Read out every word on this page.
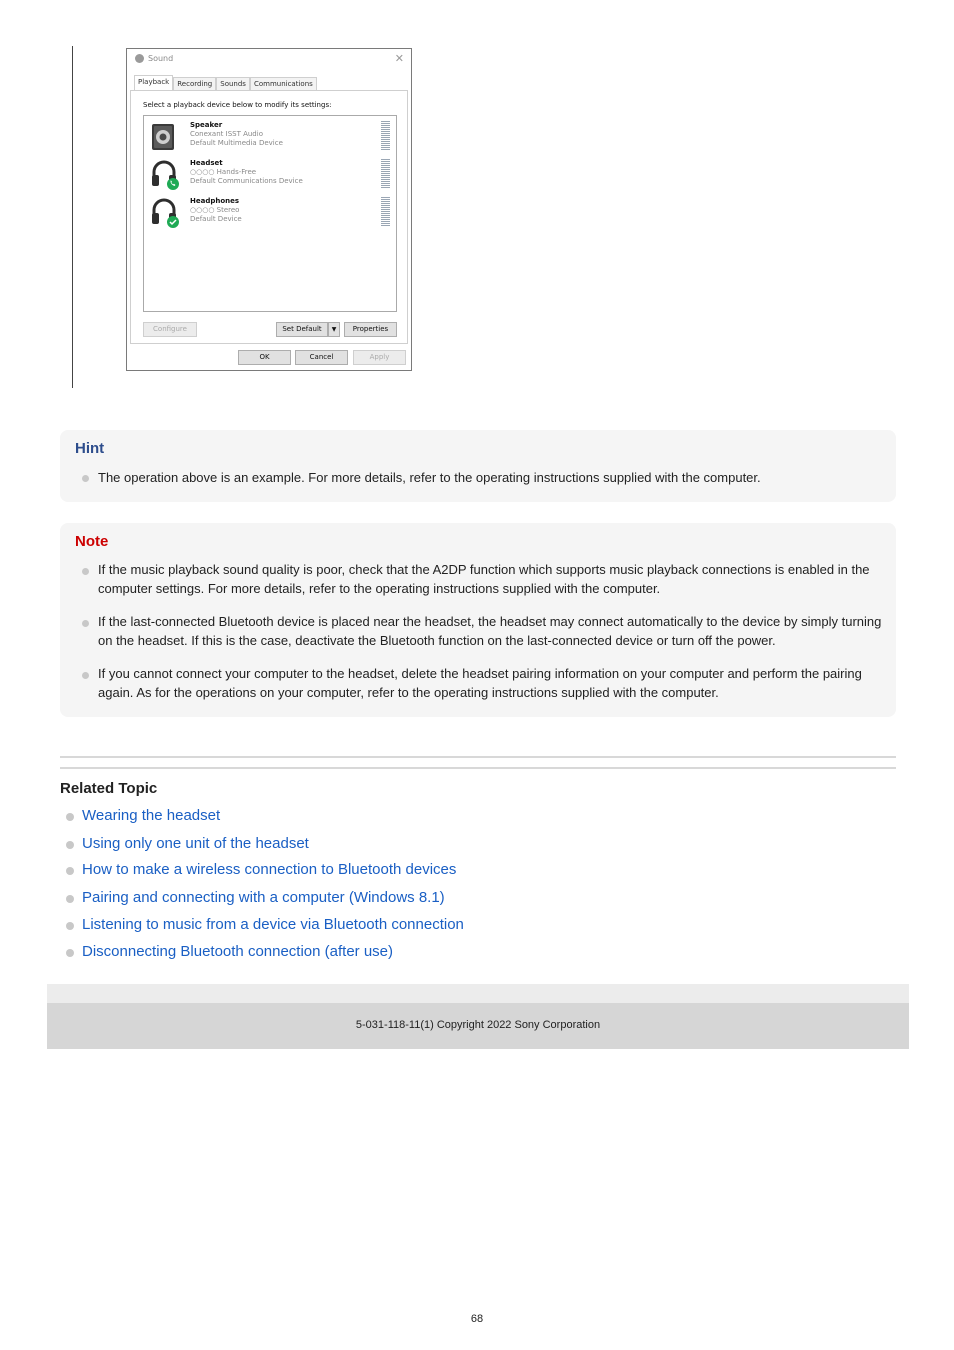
Sound	✕
Playback	Recording	Sounds	Communications
Select a playback device below to modify its settings:
Speaker
Conexant ISST Audio
Default Multimedia Device
Headset
○○○○ Hands-Free
Default Communications Device
Headphones
○○○○ Stereo
Default Device
Configure	Set Default	▼	Properties
OK	Cancel	Apply
Hint
The operation above is an example. For more details, refer to the operating instructions supplied with the computer.
Note
If the music playback sound quality is poor, check that the A2DP function which supports music playback connections is enabled in the computer settings. For more details, refer to the operating instructions supplied with the computer.
If the last-connected Bluetooth device is placed near the headset, the headset may connect automatically to the device by simply turning on the headset. If this is the case, deactivate the Bluetooth function on the last-connected device or turn off the power.
If you cannot connect your computer to the headset, delete the headset pairing information on your computer and perform the pairing again. As for the operations on your computer, refer to the operating instructions supplied with the computer.
Related Topic
Wearing the headset
Using only one unit of the headset
How to make a wireless connection to Bluetooth devices
Pairing and connecting with a computer (Windows 8.1)
Listening to music from a device via Bluetooth connection
Disconnecting Bluetooth connection (after use)
5-031-118-11(1) Copyright 2022 Sony Corporation
68
